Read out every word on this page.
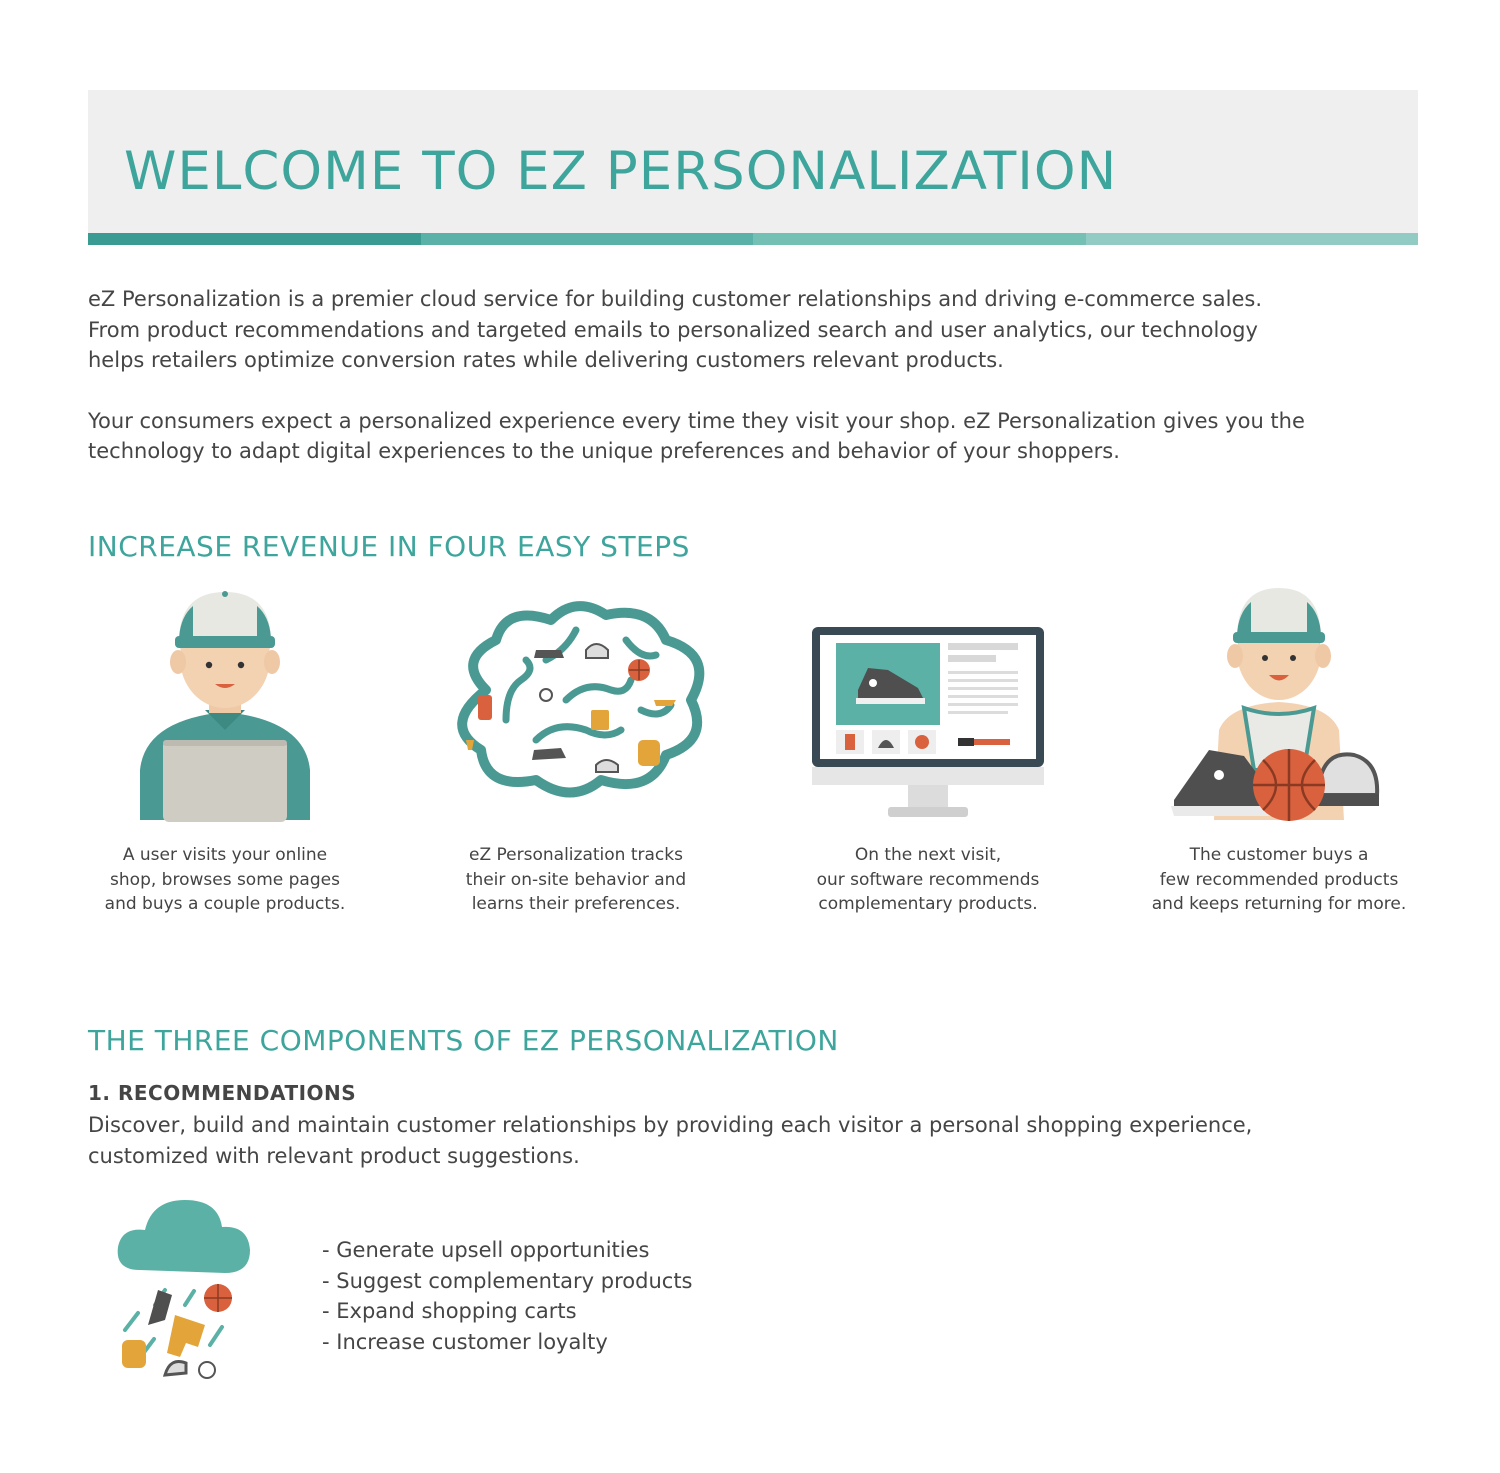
WELCOME TO EZ PERSONALIZATION

eZ Personalization is a premier cloud service for building customer relationships and driving e-commerce sales.
From product recommendations and targeted emails to personalized search and user analytics, our technology
helps retailers optimize conversion rates while delivering customers relevant products.

Your consumers expect a personalized experience every time they visit your shop. eZ Personalization gives you the
technology to adapt digital experiences to the unique preferences and behavior of your shoppers.

INCREASE REVENUE IN FOUR EASY STEPS
A user visits your online
shop, browses some pages
and buys a couple products.
eZ Personalization tracks
their on-site behavior and
learns their preferences.
On the next visit,
our software recommends
complementary products.
The customer buys a
few recommended products
and keeps returning for more.
THE THREE COMPONENTS OF EZ PERSONALIZATION
1. RECOMMENDATIONS

Discover, build and maintain customer relationships by providing each visitor a personal shopping experience,
customized with relevant product suggestions.

- Generate upsell opportunities
- Suggest complementary products
- Expand shopping carts
- Increase customer loyalty
